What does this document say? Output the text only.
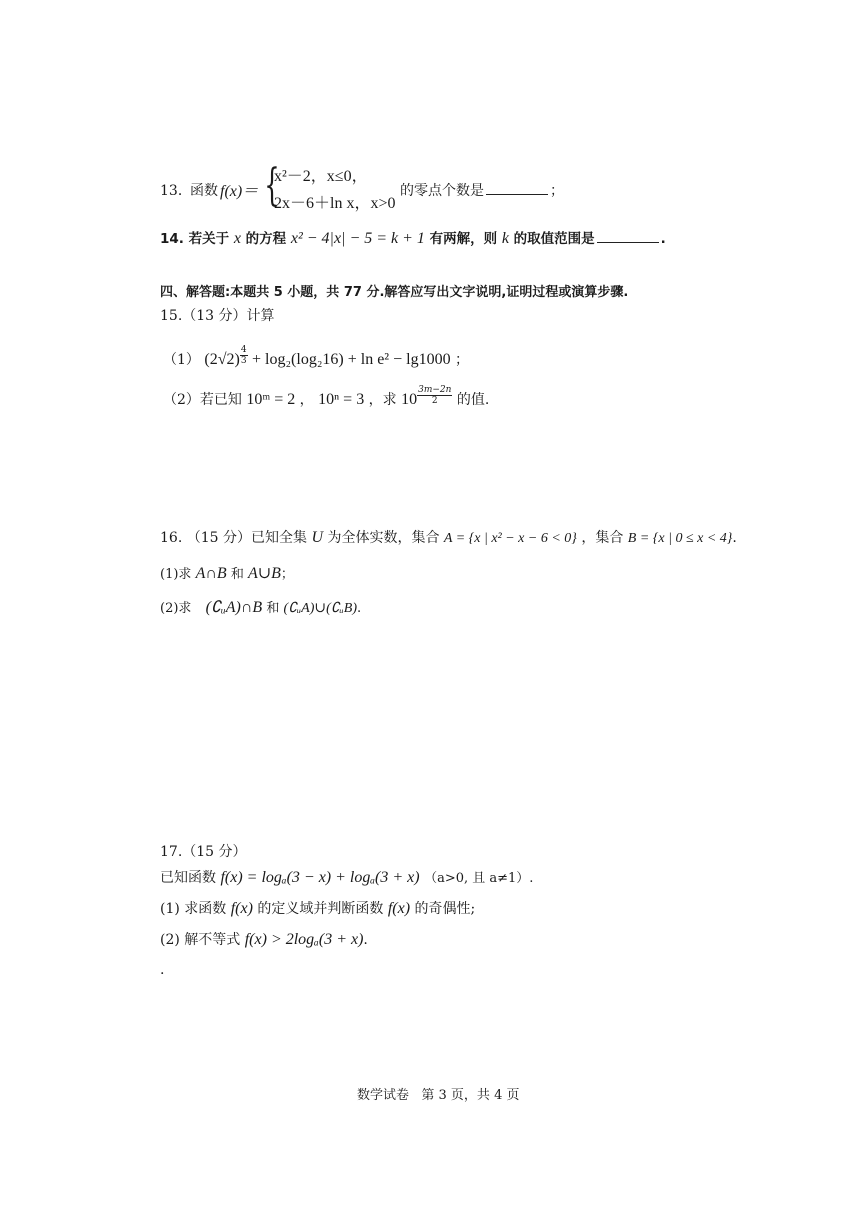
13．
函数 f(x)＝ {
x²－2，x≤0，
2x－6＋ln x，x>0
的零点个数是	；
14. 若关于 x 的方程 x² − 4|x| − 5 = k + 1 有两解，则 k 的取值范围是	.
四、解答题:本题共 5 小题，共 77 分.解答应写出文字说明,证明过程或演算步骤.
15.（13 分）计算
（1） $(2√2) \frac{4}{3} + \log_2(\log_216) + \ln e^2 - \lg 1000$ ；
（2）若已知 10ᵐ = 2 ， 10ⁿ = 3 ，求 $10 \frac{3m-2n}{2}$ 的值.
16. （15 分）已知全集 U 为全体实数，集合 A = {x | x² − x − 6 < 0} ，集合 B = {x | 0 ≤ x < 4}.
(1)求 A∩B 和 A∪B；
(2)求 (∁ᵤA)∩B 和 (∁ᵤA)∪(∁ᵤB).
17.（15 分）
已知函数 f(x) = logₐ(3 − x) + logₐ(3 + x) （a>0, 且 a≠1）.
(1) 求函数 f(x) 的定义域并判断函数 f(x) 的奇偶性;
(2) 解不等式 f(x) > 2logₐ(3 + x).
.
数学试卷   第 3 页，共 4 页
